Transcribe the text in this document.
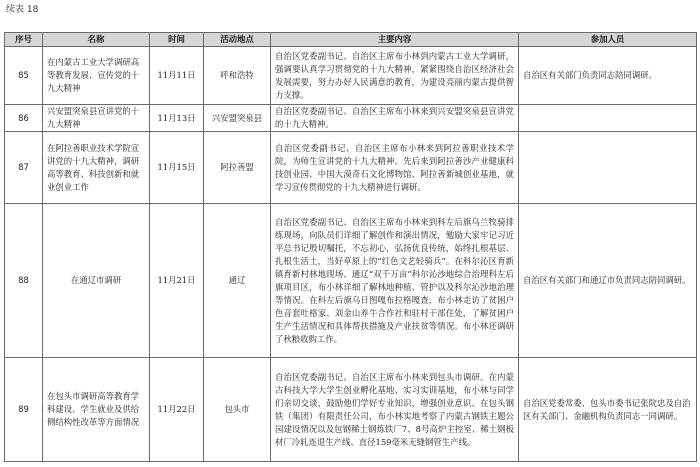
续表 18
序号	名称	时间	活动地点	主要内容	参加人员
85	在内蒙古工业大学调研高等教育发展、宣传党的十九大精神	11月11日	呼和浩特	自治区党委副书记、自治区主席布小林到内蒙古工业大学调研，强调要认真学习贯彻党的十九大精神，紧紧围绕自治区经济社会发展需要，努力办好人民满意的教育，为建设亮丽内蒙古提供智力支撑。	自治区有关部门负责同志陪同调研。
86	兴安盟突泉县宣讲党的十九大精神	11月13日	兴安盟突泉县	自治区党委副书记、自治区主席布小林来到兴安盟突泉县宣讲党的十九大精神。	
87	在阿拉善职业技术学院宣讲党的十九大精神，调研高等教育、科技创新和就业创业工作	11月15日	阿拉善盟	自治区党委副书记、自治区主席布小林来到阿拉善职业技术学院，为师生宣讲党的十九大精神。先后来到阿拉善沙产业健康科技创业园、中国大漠奇石文化博物馆、阿拉善新城创业基地，就学习宣传贯彻党的十九大精神进行调研。	
88	在通辽市调研	11月21日	通辽	自治区党委副书记、自治区主席布小林来到科左后旗乌兰牧骑排练现场，向队员们详细了解创作和演出情况，勉励大家牢记习近平总书记殷切嘱托，不忘初心，弘扬优良传统，始终扎根基层、扎根生活土，当好草原上的“红色文艺轻骑兵”。在科尔沁区育新镇育新村林地现场、通辽“双千万亩”科尔沁沙地综合治理科左后旗项目区，布小林详细了解林地种植、管护以及科尔沁沙地治理等情况。在科左后旗乌日图嘎布拉格嘎查，布小林走访了贫困户色音套吐格家、刘金山养牛合作社和驻村干部住处，了解贫困户生产生活情况和具体帮扶措施及产业扶贫等情况。布小林还调研了秋粮收购工作。	自治区有关部门和通辽市负责同志陪同调研。
89	在包头市调研高等教育学科建设、学生就业及供给侧结构性改革等方面情况	11月22日	包头市	自治区党委副书记、自治区主席布小林来到包头市调研。在内蒙古科技大学大学生创业孵化基地、实习实训基地，布小林与同学们亲切交谈，鼓励他们学好专业知识，增强创业意识。在包头钢铁（集团）有限责任公司，布小林实地考察了内蒙古钢铁主题公园建设情况以及包钢稀土钢炼铁厂7、8号高炉主控室、稀土钢板材厂冷轧连退生产线、直径159毫米无缝钢管生产线。	自治区党委常委、包头市委书记张院忠及自治区有关部门、金融机构负责同志一同调研。
